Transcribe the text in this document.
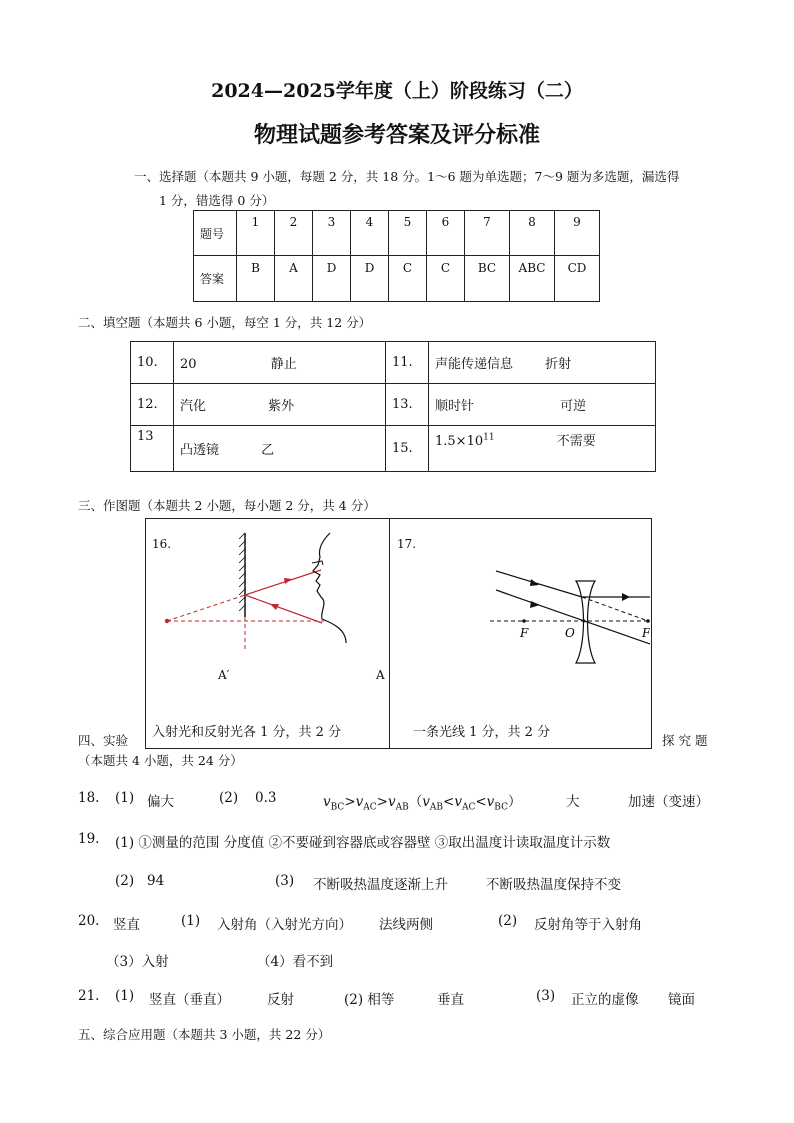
2024—2025学年度（上）阶段练习（二）
物理试题参考答案及评分标准
一、选择题（本题共 9 小题，每题 2 分，共 18 分。1～6 题为单选题；7～9 题为多选题，漏选得
1 分，错选得 0 分）
题号	1	2	3	4	5	6	7	8	9
答案	B	A	D	D	C	C	BC	ABC	CD
二、填空题（本题共 6 小题，每空 1 分，共 12 分）
10.	20 静止	11.	声能传递信息 折射
12.	汽化 紫外	13.	顺时针 可逆
13	凸透镜 乙	15.	$1.5\times 10^{11}$ 不需要
三、作图题（本题共 2 小题，每小题 2 分，共 4 分）
16.	17.
A′	A
入射光和反射光各 1 分，共 2 分	一条光线 1 分，共 2 分
F	O	F
四、实验	探 究 题
（本题共 4 小题，共 24 分）
18. (1) 偏大	(2) 0.3	$v_{BC}>v_{AC}>v_{AB}(v_{AB}<v_{AC}<v_{BC})$	大	加速（变速）
19. (1) ①测量的范围 分度值 ②不要碰到容器底或容器壁 ③取出温度计读取温度计示数
(2) 94	(3) 不断吸热温度逐渐上升	不断吸热温度保持不变
20. 竖直	(1) 入射角（入射光方向） 法线两侧	(2) 反射角等于入射角
（3）入射	（4）看不到
21. (1) 竖直（垂直）	反射	(2) 相等	垂直	(3) 正立的虚像 镜面
五、综合应用题（本题共 3 小题，共 22 分）
